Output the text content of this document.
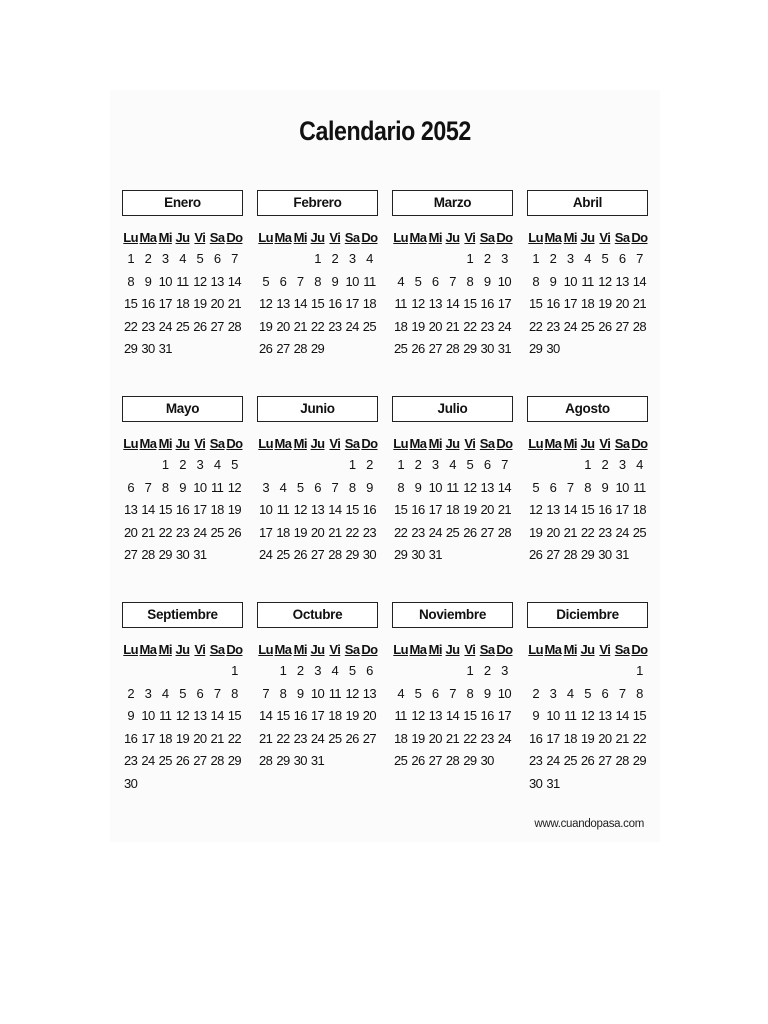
Calendario 2052
Enero
Lu	Ma	Mi	Ju	Vi	Sa	Do
1	2	3	4	5	6	7
8	9	10	11	12	13	14
15	16	17	18	19	20	21
22	23	24	25	26	27	28
29	30	31				
Febrero
Lu	Ma	Mi	Ju	Vi	Sa	Do
			1	2	3	4
5	6	7	8	9	10	11
12	13	14	15	16	17	18
19	20	21	22	23	24	25
26	27	28	29			
Marzo
Lu	Ma	Mi	Ju	Vi	Sa	Do
				1	2	3
4	5	6	7	8	9	10
11	12	13	14	15	16	17
18	19	20	21	22	23	24
25	26	27	28	29	30	31
Abril
Lu	Ma	Mi	Ju	Vi	Sa	Do
1	2	3	4	5	6	7
8	9	10	11	12	13	14
15	16	17	18	19	20	21
22	23	24	25	26	27	28
29	30					
Mayo
Lu	Ma	Mi	Ju	Vi	Sa	Do
		1	2	3	4	5
6	7	8	9	10	11	12
13	14	15	16	17	18	19
20	21	22	23	24	25	26
27	28	29	30	31		
Junio
Lu	Ma	Mi	Ju	Vi	Sa	Do
					1	2
3	4	5	6	7	8	9
10	11	12	13	14	15	16
17	18	19	20	21	22	23
24	25	26	27	28	29	30
Julio
Lu	Ma	Mi	Ju	Vi	Sa	Do
1	2	3	4	5	6	7
8	9	10	11	12	13	14
15	16	17	18	19	20	21
22	23	24	25	26	27	28
29	30	31				
Agosto
Lu	Ma	Mi	Ju	Vi	Sa	Do
			1	2	3	4
5	6	7	8	9	10	11
12	13	14	15	16	17	18
19	20	21	22	23	24	25
26	27	28	29	30	31	
Septiembre
Lu	Ma	Mi	Ju	Vi	Sa	Do
						1
2	3	4	5	6	7	8
9	10	11	12	13	14	15
16	17	18	19	20	21	22
23	24	25	26	27	28	29
30						
Octubre
Lu	Ma	Mi	Ju	Vi	Sa	Do
	1	2	3	4	5	6
7	8	9	10	11	12	13
14	15	16	17	18	19	20
21	22	23	24	25	26	27
28	29	30	31			
Noviembre
Lu	Ma	Mi	Ju	Vi	Sa	Do
				1	2	3
4	5	6	7	8	9	10
11	12	13	14	15	16	17
18	19	20	21	22	23	24
25	26	27	28	29	30	
Diciembre
Lu	Ma	Mi	Ju	Vi	Sa	Do
						1
2	3	4	5	6	7	8
9	10	11	12	13	14	15
16	17	18	19	20	21	22
23	24	25	26	27	28	29
30	31					
www.cuandopasa.com
